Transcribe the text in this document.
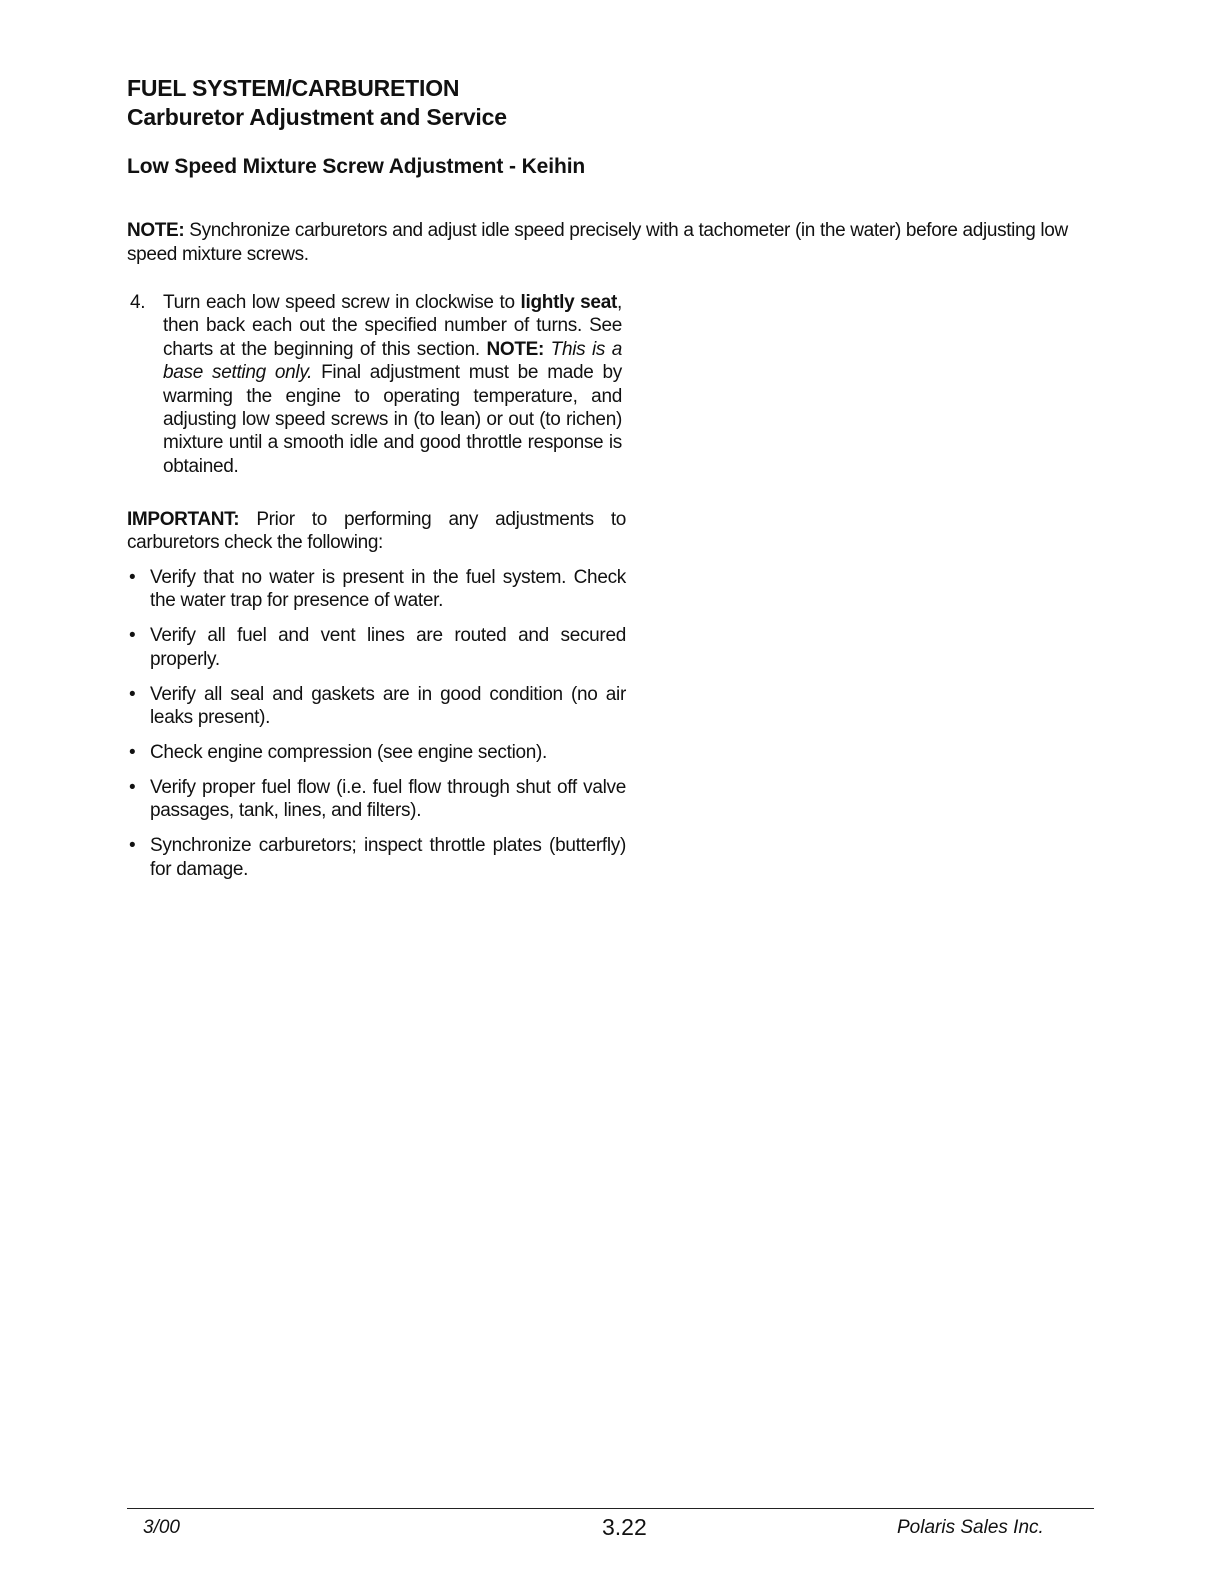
FUEL SYSTEM/CARBURETION
Carburetor Adjustment and Service
Low Speed Mixture Screw Adjustment - Keihin
NOTE: Synchronize carburetors and adjust idle speed precisely with a tachometer (in the water) before adjusting low speed mixture screws.
4. Turn each low speed screw in clockwise to lightly seat, then back each out the specified number of turns. See charts at the beginning of this section. NOTE: This is a base setting only. Final adjustment must be made by warming the engine to operating temperature, and adjusting low speed screws in (to lean) or out (to richen) mixture until a smooth idle and good throttle response is obtained.
IMPORTANT: Prior to performing any adjustments to carburetors check the following:
• Verify that no water is present in the fuel system. Check the water trap for presence of water.
• Verify all fuel and vent lines are routed and secured properly.
• Verify all seal and gaskets are in good condition (no air leaks present).
• Check engine compression (see engine section).
• Verify proper fuel flow (i.e. fuel flow through shut off valve passages, tank, lines, and filters).
• Synchronize carburetors; inspect throttle plates (butterfly) for damage.
3/00	3.22	Polaris Sales Inc.
